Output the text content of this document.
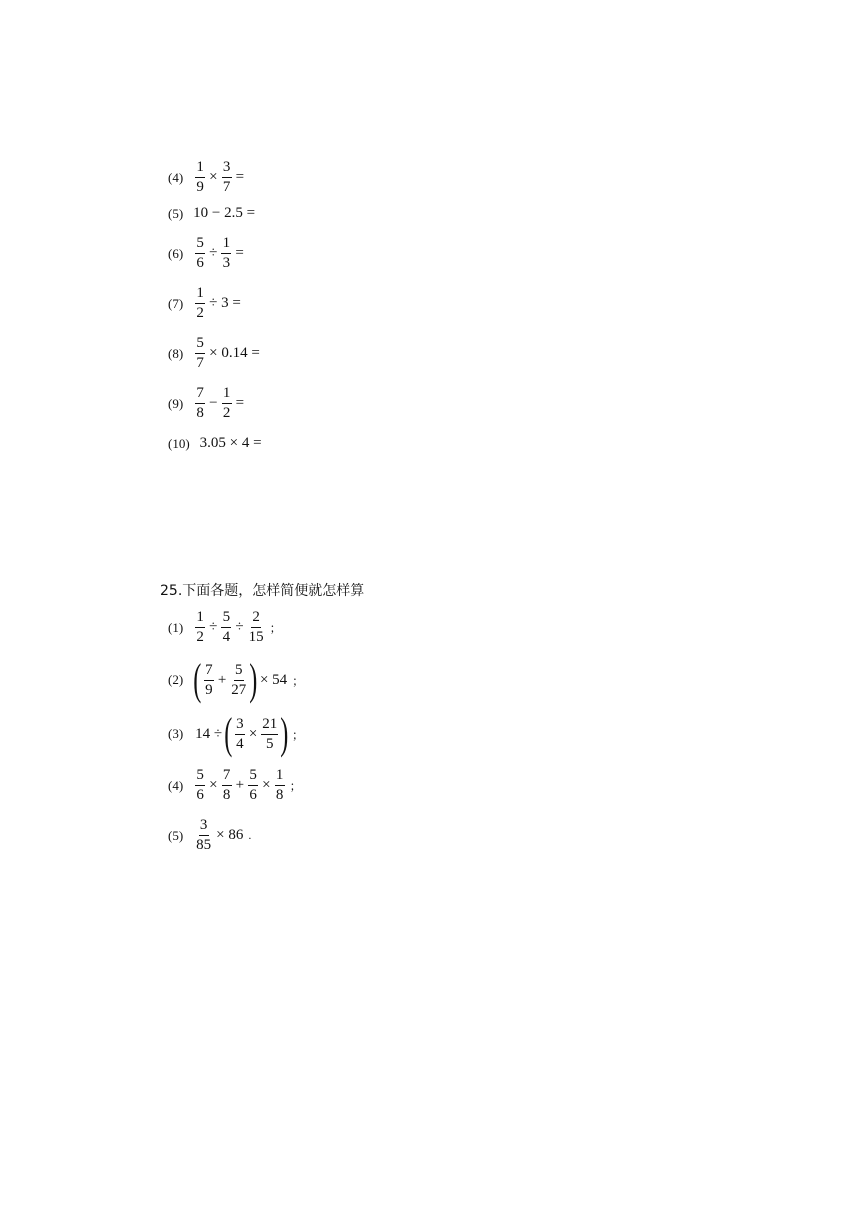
$(4) \frac{1}{9} \times \frac{3}{7}$ =
(5) 10 − 2.5 =
$(6) \frac{5}{6} \div \frac{1}{3}$ =
$(7) \frac{1}{2} \div 3$ =
$(8) \frac{5}{7} \times 0.14$ =
$(9) \frac{7}{8} - \frac{1}{2}$ =
(10) 3.05 × 4 =
25.下面各题，怎样简便就怎样算
$(1) \frac{1}{2} \div \frac{5}{4} \div \frac{2}{15}$ ；
(2) ( $\frac{7}{9} + \frac{5}{27}$ ) × 54 ；
(3) 14 ÷ ( $\frac{3}{4} \times \frac{21}{5}$ ) ；
$(4) \frac{5}{6} \times \frac{7}{8} + \frac{5}{6} \times \frac{1}{8}$ ；
$(5) \frac{3}{85} \times 86$ .
